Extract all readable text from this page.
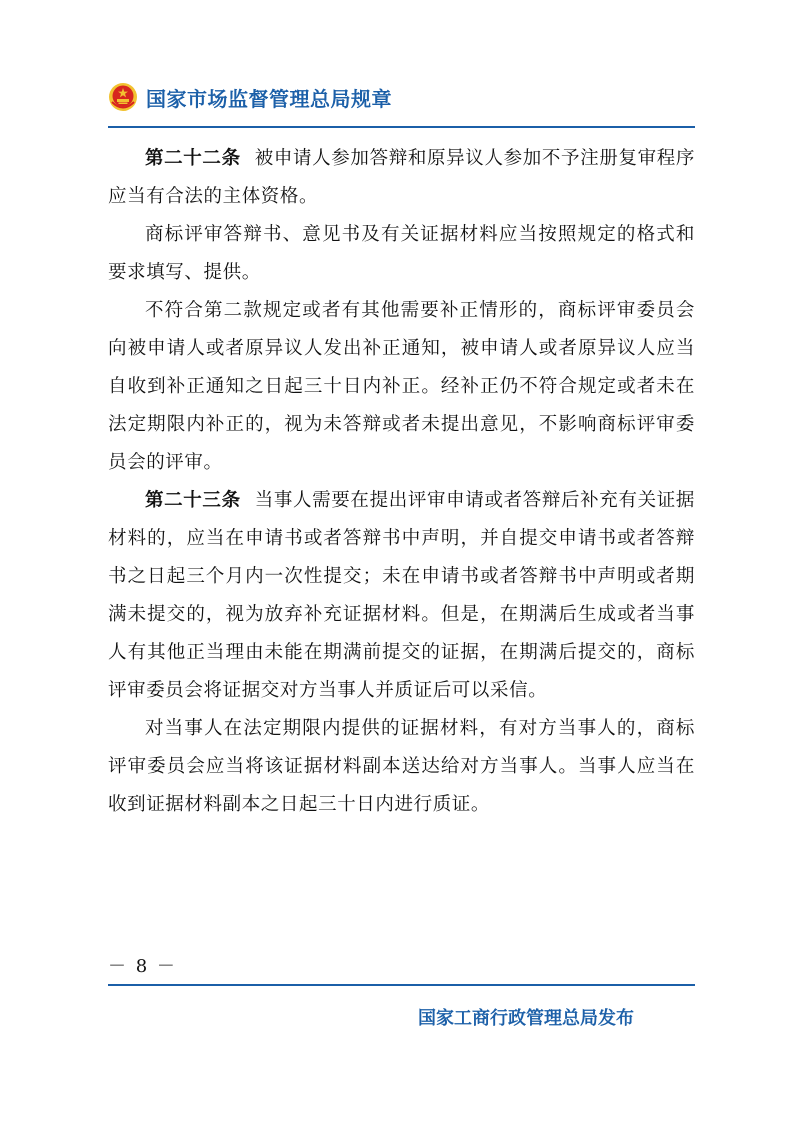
国家市场监督管理总局规章

第二十二条 被申请人参加答辩和原异议人参加不予注册复审程序应当有合法的主体资格。

商标评审答辩书、意见书及有关证据材料应当按照规定的格式和要求填写、提供。

不符合第二款规定或者有其他需要补正情形的，商标评审委员会向被申请人或者原异议人发出补正通知，被申请人或者原异议人应当自收到补正通知之日起三十日内补正。经补正仍不符合规定或者未在法定期限内补正的，视为未答辩或者未提出意见，不影响商标评审委员会的评审。

第二十三条 当事人需要在提出评审申请或者答辩后补充有关证据材料的，应当在申请书或者答辩书中声明，并自提交申请书或者答辩书之日起三个月内一次性提交；未在申请书或者答辩书中声明或者期满未提交的，视为放弃补充证据材料。但是，在期满后生成或者当事人有其他正当理由未能在期满前提交的证据，在期满后提交的，商标评审委员会将证据交对方当事人并质证后可以采信。

对当事人在法定期限内提供的证据材料，有对方当事人的，商标评审委员会应当将该证据材料副本送达给对方当事人。当事人应当在收到证据材料副本之日起三十日内进行质证。

－ 8 －
国家工商行政管理总局发布
